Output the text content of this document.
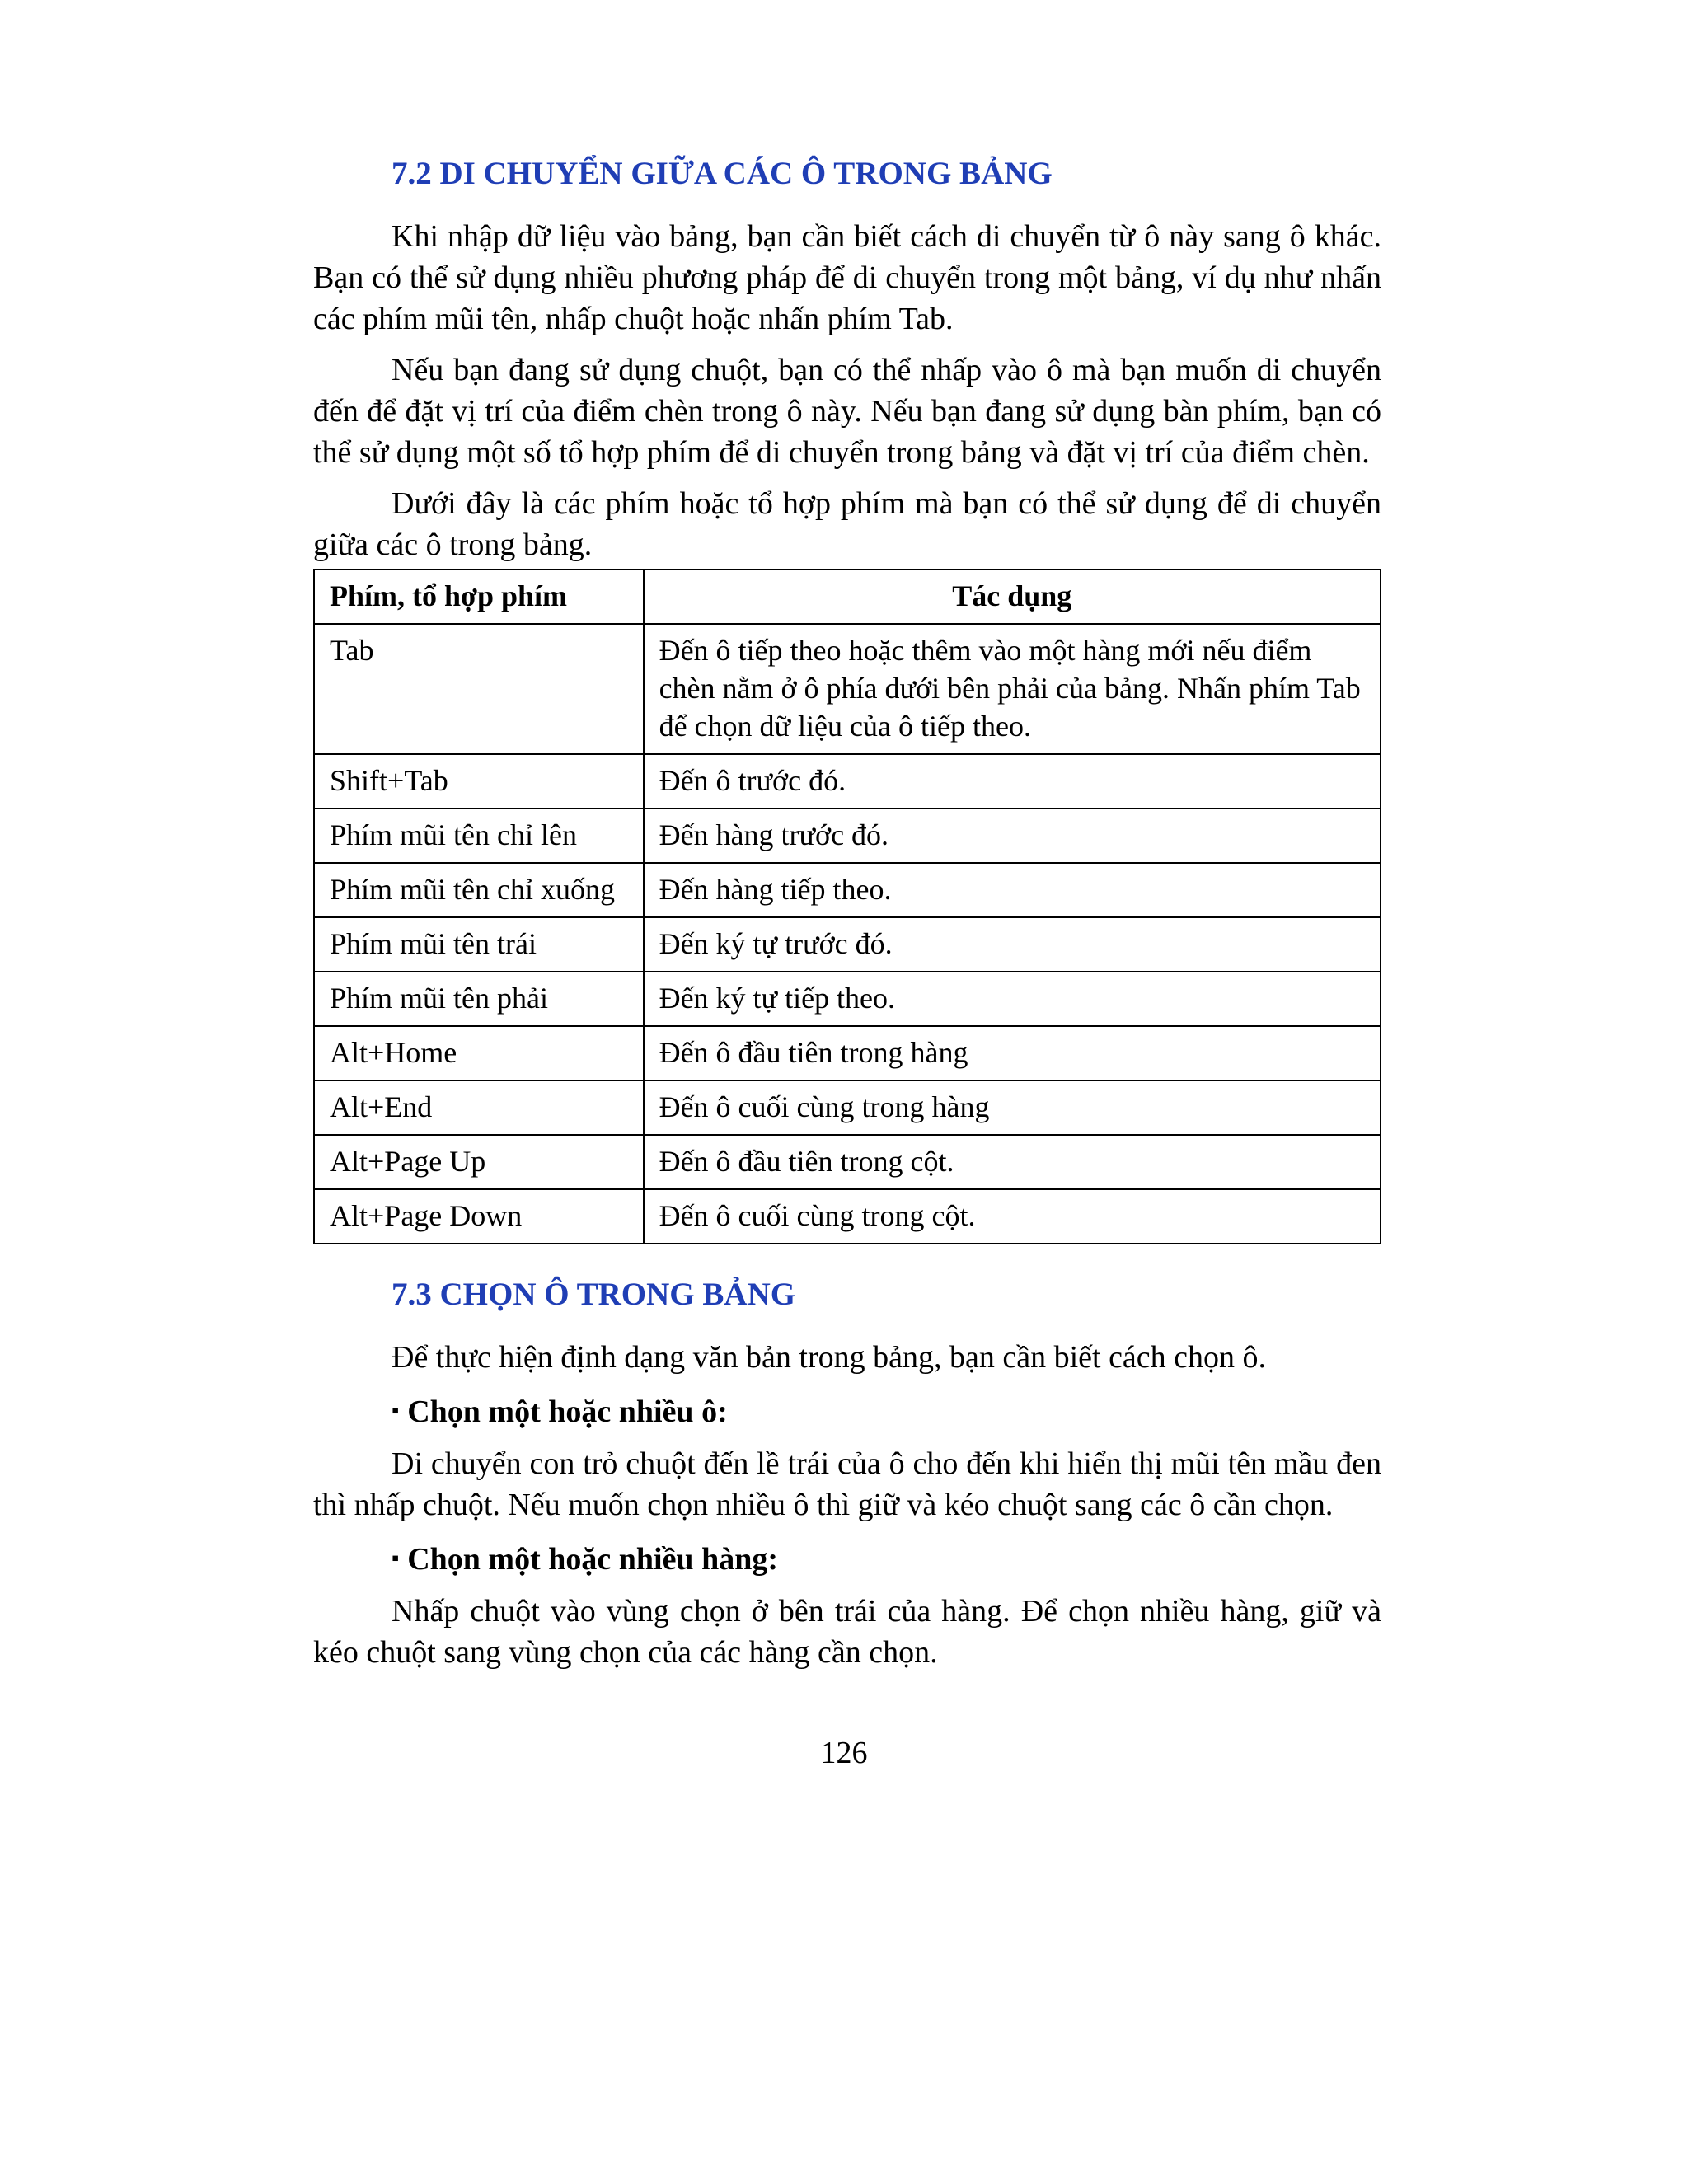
7.2 DI CHUYỂN GIỮA CÁC Ô TRONG BẢNG

Khi nhập dữ liệu vào bảng, bạn cần biết cách di chuyển từ ô này sang ô khác. Bạn có thể sử dụng nhiều phương pháp để di chuyển trong một bảng, ví dụ như nhấn các phím mũi tên, nhấp chuột hoặc nhấn phím Tab.

Nếu bạn đang sử dụng chuột, bạn có thể nhấp vào ô mà bạn muốn di chuyển đến để đặt vị trí của điểm chèn trong ô này. Nếu bạn đang sử dụng bàn phím, bạn có thể sử dụng một số tổ hợp phím để di chuyển trong bảng và đặt vị trí của điểm chèn.

Dưới đây là các phím hoặc tổ hợp phím mà bạn có thể sử dụng để di chuyển giữa các ô trong bảng.

Phím, tổ hợp phím	Tác dụng
Tab	Đến ô tiếp theo hoặc thêm vào một hàng mới nếu điểm chèn nằm ở ô phía dưới bên phải của bảng. Nhấn phím Tab để chọn dữ liệu của ô tiếp theo.
Shift+Tab	Đến ô trước đó.
Phím mũi tên chỉ lên	Đến hàng trước đó.
Phím mũi tên chỉ xuống	Đến hàng tiếp theo.
Phím mũi tên trái	Đến ký tự trước đó.
Phím mũi tên phải	Đến ký tự tiếp theo.
Alt+Home	Đến ô đầu tiên trong hàng
Alt+End	Đến ô cuối cùng trong hàng
Alt+Page Up	Đến ô đầu tiên trong cột.
Alt+Page Down	Đến ô cuối cùng trong cột.
7.3 CHỌN Ô TRONG BẢNG

Để thực hiện định dạng văn bản trong bảng, bạn cần biết cách chọn ô.

▪ Chọn một hoặc nhiều ô:

Di chuyển con trỏ chuột đến lề trái của ô cho đến khi hiển thị mũi tên mầu đen thì nhấp chuột. Nếu muốn chọn nhiều ô thì giữ và kéo chuột sang các ô cần chọn.

▪ Chọn một hoặc nhiều hàng:

Nhấp chuột vào vùng chọn ở bên trái của hàng. Để chọn nhiều hàng, giữ và kéo chuột sang vùng chọn của các hàng cần chọn.

126
